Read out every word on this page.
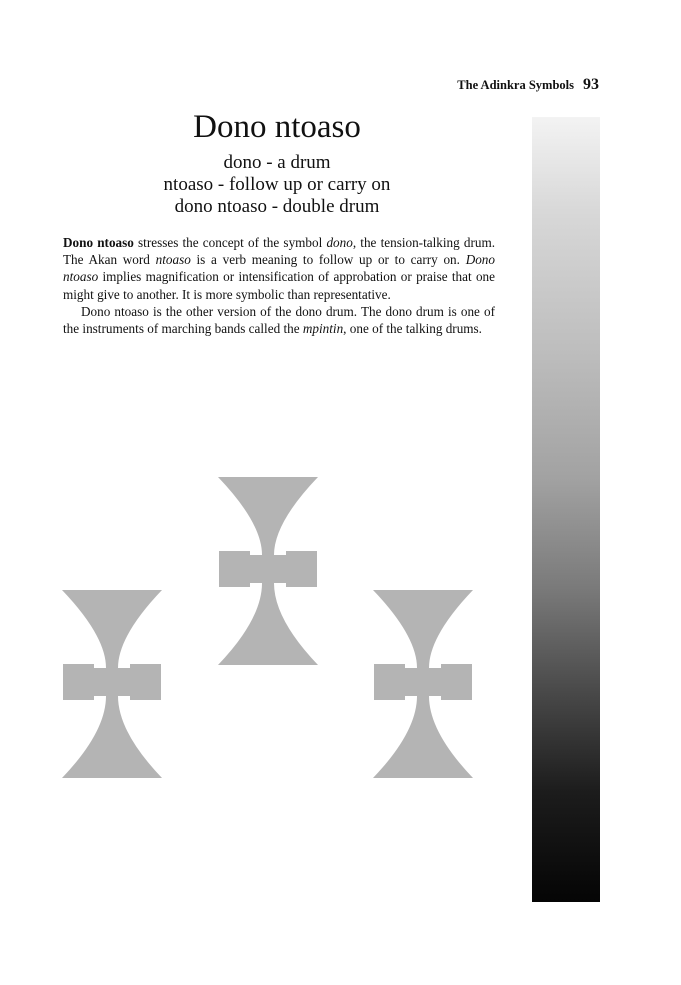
The Adinkra Symbols 93
Dono ntoaso

dono - a drum

ntoaso - follow up or carry on

dono ntoaso - double drum

Dono ntoaso stresses the concept of the symbol dono, the tension-talking drum. The Akan word ntoaso is a verb meaning to follow up or to carry on. Dono ntoaso implies magnification or intensification of approbation or praise that one might give to another. It is more symbolic than representative.

Dono ntoaso is the other version of the dono drum. The dono drum is one of the instruments of marching bands called the mpintin, one of the talking drums.
